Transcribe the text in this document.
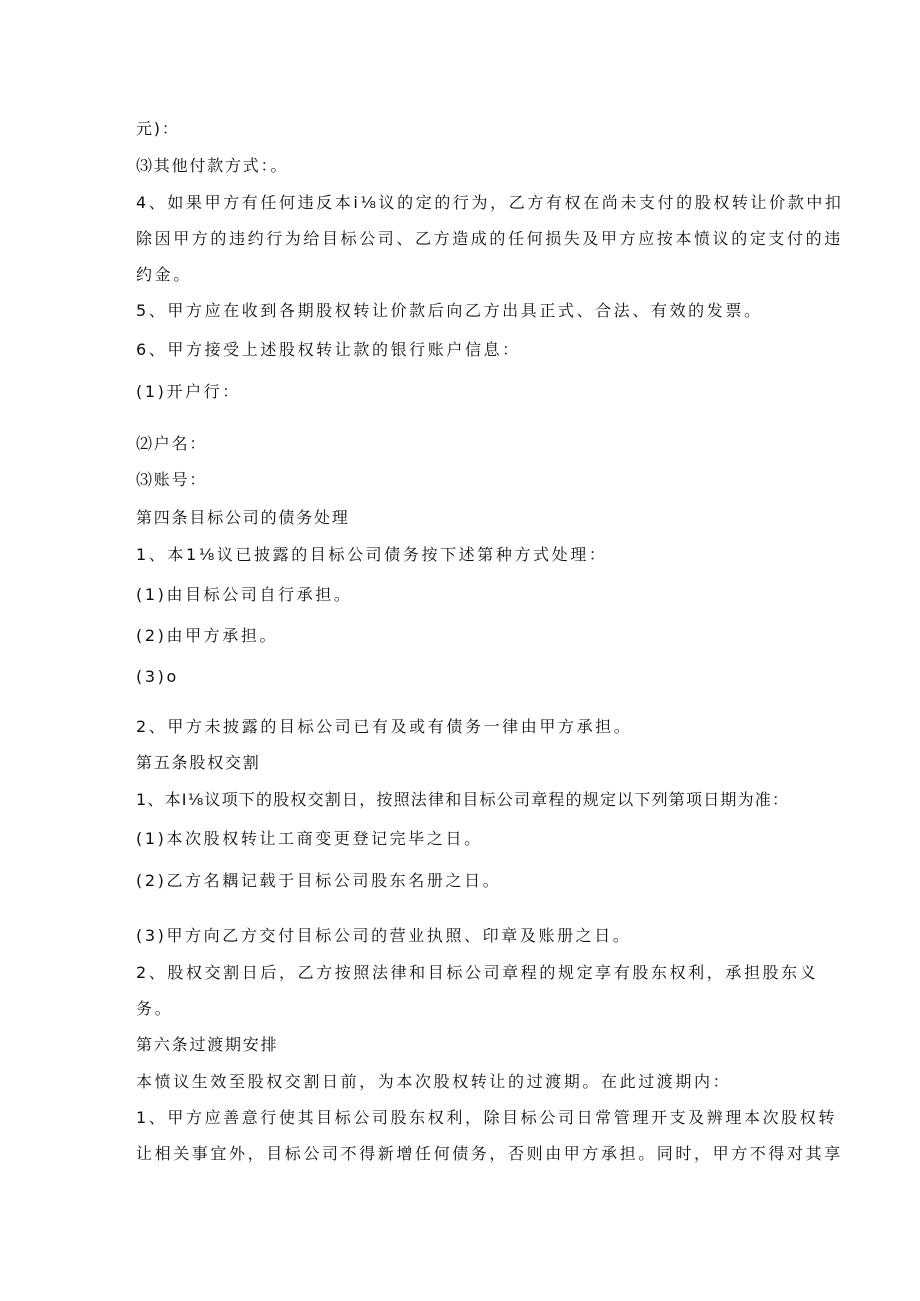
元)：
⑶其他付款方式：。
4、如果甲方有任何违反本i⅛议的定的行为，乙方有权在尚未支付的股权转让价款中扣
除因甲方的违约行为给目标公司、乙方造成的任何损失及甲方应按本愤议的定支付的违
约金。
5、甲方应在收到各期股权转让价款后向乙方出具正式、合法、有效的发票。
6、甲方接受上述股权转让款的银行账户信息：
(1)开户行：
⑵户名：
⑶账号：
第四条目标公司的债务处理
1、本1⅛议已披露的目标公司债务按下述第种方式处理：
(1)由目标公司自行承担。
(2)由甲方承担。
(3)o
2、甲方未披露的目标公司已有及或有债务一律由甲方承担。
第五条股权交割
1、本I⅛议项下的股权交割日，按照法律和目标公司章程的规定以下列第项日期为准：
(1)本次股权转让工商变更登记完毕之日。
(2)乙方名耦记载于目标公司股东名册之日。
(3)甲方向乙方交付目标公司的营业执照、印章及账册之日。
2、股权交割日后，乙方按照法律和目标公司章程的规定享有股东权利，承担股东义
务。
第六条过渡期安排
本愤议生效至股权交割日前，为本次股权转让的过渡期。在此过渡期内：
1、甲方应善意行使其目标公司股东权利，除目标公司日常管理开支及辨理本次股权转
让相关事宜外，目标公司不得新增任何债务，否则由甲方承担。同时，甲方不得对其享
